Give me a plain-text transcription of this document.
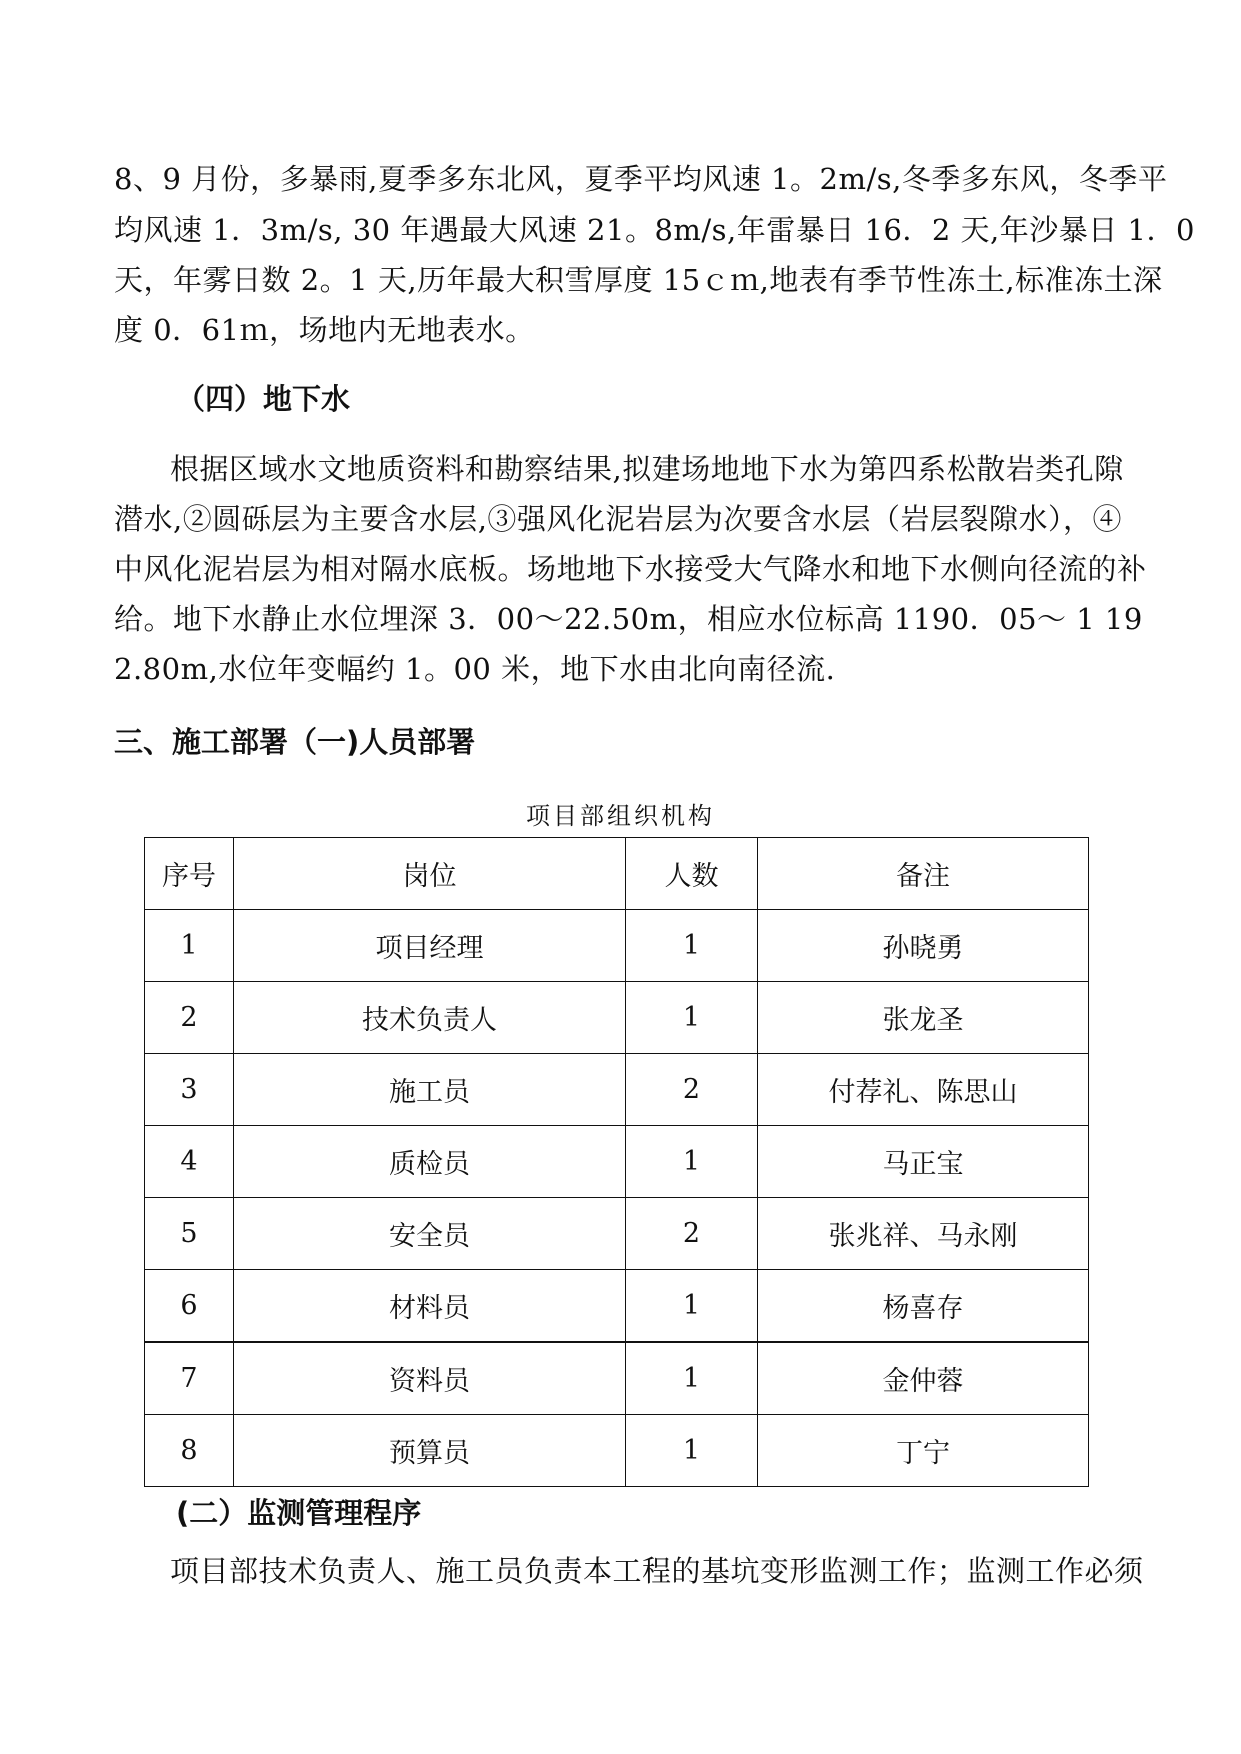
8、9 月份，多暴雨,夏季多东北风，夏季平均风速 1。2m/s,冬季多东风，冬季平
均风速 1．3m/s, 30 年遇最大风速 21。8m/s,年雷暴日 16．2 天,年沙暴日 1．0
天，年雾日数 2。1 天,历年最大积雪厚度 15ｃｍ,地表有季节性冻土,标准冻土深
度 0．61ｍ，场地内无地表水。
（四）地下水
根据区域水文地质资料和勘察结果,拟建场地地下水为第四系松散岩类孔隙
潜水,②圆砾层为主要含水层,③强风化泥岩层为次要含水层（岩层裂隙水），④
中风化泥岩层为相对隔水底板。场地地下水接受大气降水和地下水侧向径流的补
给。地下水静止水位埋深 3．00～22.50m，相应水位标高 1190．05～ 1 19
2.80m,水位年变幅约 1。00 米，地下水由北向南径流.
三、施工部署（一)人员部署
项目部组织机构
序号	岗位	人数	备注
1	项目经理	1	孙晓勇
2	技术负责人	1	张龙圣
3	施工员	2	付荐礼、陈思山
4	质检员	1	马正宝
5	安全员	2	张兆祥、马永刚
6	材料员	1	杨喜存
7	资料员	1	金仲蓉
8	预算员	1	丁宁
(二）监测管理程序
项目部技术负责人、施工员负责本工程的基坑变形监测工作；监测工作必须
